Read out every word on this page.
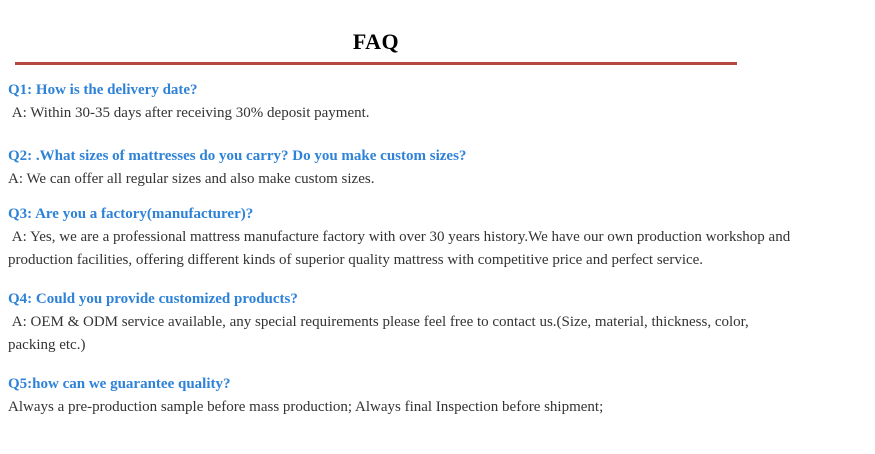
FAQ

Q1: How is the delivery date?

A: Within 30-35 days after receiving 30% deposit payment.

Q2: .What sizes of mattresses do you carry? Do you make custom sizes?

A: We can offer all regular sizes and also make custom sizes.

Q3: Are you a factory(manufacturer)?

A: Yes, we are a professional mattress manufacture factory with over 30 years history.We have our own production workshop and

production facilities, offering different kinds of superior quality mattress with competitive price and perfect service.

Q4: Could you provide customized products?

A: OEM & ODM service available, any special requirements please feel free to contact us.(Size, material, thickness, color,

packing etc.)

Q5:how can we guarantee quality?

Always a pre-production sample before mass production; Always final Inspection before shipment;
